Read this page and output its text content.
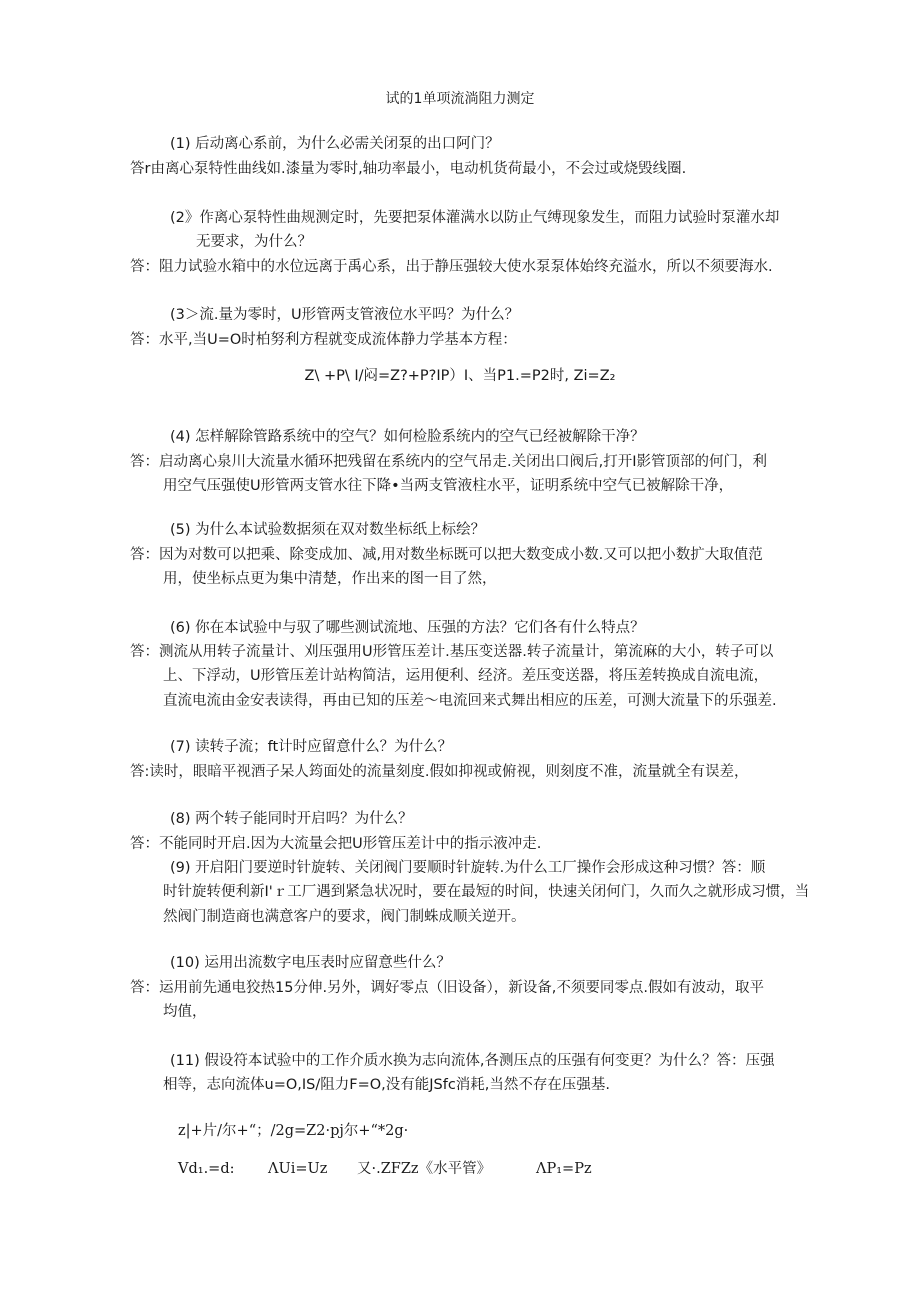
试的1单项流淌阻力测定
(1) 后动离心系前，为什么必需关闭泵的出口阿门？
答r由离心泵特性曲线如.漆量为零时,轴功率最小，电动机货荷最小，不会过或烧毁线圈.
(2》作离心泵特性曲规测定时，先要把泵体灌满水以防止气缚现象发生，而阻力试验时泵灌水却
无要求，为什么？
答：阻力试验水箱中的水位远离于禹心系，出于静压强较大使水泵泵体始终充溢水，所以不须要海水.
(3＞流.量为零时，U形管两支管液位水平吗？为什么？
答：水平,当U=O时柏努利方程就变成流体静力学基本方程：
Z\ +P\ I∕闷=Z?+P?IP）I、当P1.=P2时, Zi=Z₂
(4) 怎样解除管路系统中的空气？如何检脸系统内的空气已经被解除干净？
答：启动离心泉川大流量水循环把残留在系统内的空气吊走.关闭出口阀后,打开I影管顶部的何门，利
用空气压强使U形管两支管水往下降•当两支管液柱水平，证明系统中空气已被解除干净，
(5) 为什么本试验数据须在双对数坐标纸上标绘？
答：因为对数可以把乘、除变成加、减,用对数坐标既可以把大数变成小数.又可以把小数扩大取值范
用，使坐标点更为集中清楚，作出来的图一目了然，
(6) 你在本试验中与驭了哪些测试流地、压强的方法？它们各有什么特点？
答：测流从用转子流量计、刈压强用U形管压差计.基压变送器.转子流量计，第流麻的大小，转子可以
上、下浮动，U形管压差计站构简洁，运用便利、经济。差压变送器，将压差转换成自流电流，
直流电流由金安表读得，再由已知的压差～电流回来式舞出相应的压差，可测大流量下的乐强差.
(7) 读转子流；ft计时应留意什么？为什么？
答:读时，眼暗平视酒子呆人筠面处的流量刻度.假如抑视或俯视，则刻度不准，流量就全有误差，
(8) 两个转子能同时开启吗？为什么？
答：不能同时开启.因为大流量会把U形管压差计中的指示液冲走.
(9) 开启阳门要逆时针旋转、关闭阀门要顺时针旋转.为什么工厂操作会形成这种习惯？答：顺
时针旋转便利新I'ｒ工厂遇到紧急状况时，要在最短的时间，快速关闭何门，久而久之就形成习惯，当
然阀门制造商也满意客户的要求，阀门制蛛成顺关逆开。
(10) 运用出流数字电压表时应留意些什么？
答：运用前先通电狡热15分伸.另外，调好零点（旧设备），新设备,不须要同零点.假如有波动，取平
均值，
(11) 假设符本试验中的工作介质水换为志向流体,各测压点的压强有何变更？为什么？答：压强
相等，志向流体u=O,IS/阻力F=O,没有能JSfc消耗,当然不存在压强基.
z|+片/尔+“；/2g=Z2·pj尔+“*2g·
Vd₁.=d: ΛUi=Uz 又·.ZFZz《水平管》	ΛP₁=Pz
